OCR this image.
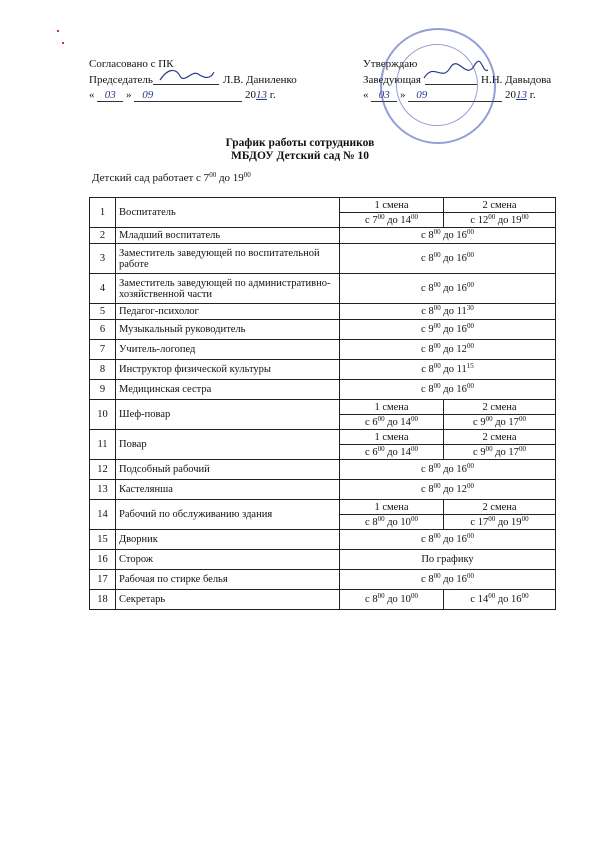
Согласовано с ПК
Председатель	Л.В. Даниленко
« 03 » 09	2013 г.
Утверждаю
Заведующая	Н.Н. Давыдова
« 03 » 09	2013 г.
График работы сотрудников
МБДОУ Детский сад № 10
Детский сад работает с $7^{00}$ до $19^{00}$
1	Воспитатель	1 смена	2 смена
		с $7^{00}$ до $14^{00}$	с $12^{00}$ до $19^{00}$
2	Младший воспитатель	с $8^{00}$ до $16^{00}$
3	Заместитель заведующей по воспитательной работе	с $8^{00}$ до $16^{00}$
4	Заместитель заведующей по административно-хозяйственной части	с $8^{00}$ до $16^{00}$
5	Педагог-психолог	с $8^{00}$ до $11^{30}$
6	Музыкальный руководитель	с $9^{00}$ до $16^{00}$
7	Учитель-логопед	с $8^{00}$ до $12^{00}$
8	Инструктор физической культуры	с $8^{00}$ до $11^{15}$
9	Медицинская сестра	с $8^{00}$ до $16^{00}$
10	Шеф-повар	1 смена	2 смена
		с $6^{00}$ до $14^{00}$	с $9^{00}$ до $17^{00}$
11	Повар	1 смена	2 смена
		с $6^{00}$ до $14^{00}$	с $9^{00}$ до $17^{00}$
12	Подсобный рабочий	с $8^{00}$ до $16^{00}$
13	Кастелянша	с $8^{00}$ до $12^{00}$
14	Рабочий по обслуживанию здания	1 смена	2 смена
		с $8^{00}$ до $10^{00}$	с $17^{00}$ до $19^{00}$
15	Дворник	с $8^{00}$ до $16^{00}$
16	Сторож	По графику	
17	Рабочая по стирке белья	с $8^{00}$ до $16^{00}$
18	Секретарь	с $8^{00}$ до $10^{00}$	с $14^{00}$ до $16^{00}$
